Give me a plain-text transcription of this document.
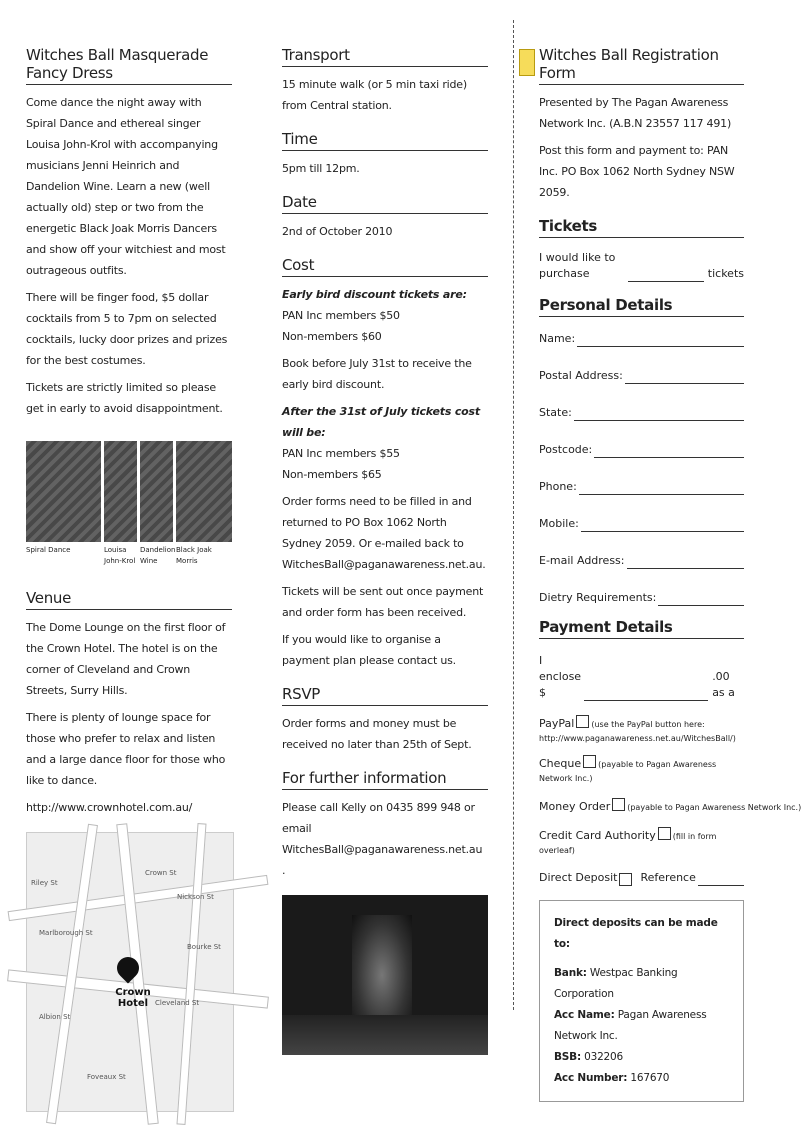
Witches Ball Masquerade Fancy Dress

Come dance the night away with Spiral Dance and ethereal singer Louisa John-Krol with accompanying musicians Jenni Heinrich and Dandelion Wine. Learn a new (well actually old) step or two from the energetic Black Joak Morris Dancers and show off your witchiest and most outrageous outfits.

There will be finger food, $5 dollar cocktails from 5 to 7pm on selected cocktails, lucky door prizes and prizes for the best costumes.

Tickets are strictly limited so please get in early to avoid disappointment.

Spiral Dance	Louisa John-Krol
Dandelion Wine
Black Joak Morris
Venue

The Dome Lounge on the first floor of the Crown Hotel. The hotel is on the corner of Cleveland and Crown Streets, Surry Hills.

There is plenty of lounge space for those who prefer to relax and listen and a large dance floor for those who like to dance.

http://www.crownhotel.com.au/

Riley St
Crown St
Marlborough St
Bourke St
Cleveland St
Albion St
Nickson St
Foveaux St
Crown Hotel
Transport

15 minute walk (or 5 min taxi ride) from Central station.

Time

5pm till 12pm.

Date

2nd of October 2010

Cost

Early bird discount tickets are:

PAN Inc members $50

Non-members $60

Book before July 31st to receive the early bird discount.

After the 31st of July tickets cost will be:

PAN Inc members $55

Non-members $65

Order forms need to be filled in and returned to PO Box 1062 North Sydney 2059. Or e-mailed back to WitchesBall@paganawareness.net.au.

Tickets will be sent out once payment and order form has been received.

If you would like to organise a payment plan please contact us.

RSVP

Order forms and money must be received no later than 25th of Sept.

For further information

Please call Kelly on 0435 899 948 or email WitchesBall@paganawareness.net.au .

Witches Ball Registration Form

Presented by The Pagan Awareness Network Inc. (A.B.N 23557 117 491)

Post this form and payment to: PAN Inc. PO Box 1062 North Sydney NSW 2059.

Tickets
I would like to purchase	tickets
Personal Details
Name:
Postal Address:
State:
Postcode:
Phone:
Mobile:
E-mail Address:
Dietry Requirements:
Payment Details
I enclose $
.00 as a
PayPal (use the PayPal button here: http://www.paganawareness.net.au/WitchesBall/)
Cheque (payable to Pagan Awareness Network Inc.)
Money Order (payable to Pagan Awareness Network Inc.)
Credit Card Authority (fill in form overleaf)
Direct Deposit Reference

Direct deposits can be made to:

Bank: Westpac Banking Corporation

Acc Name: Pagan Awareness Network Inc.

BSB: 032206

Acc Number: 167670
